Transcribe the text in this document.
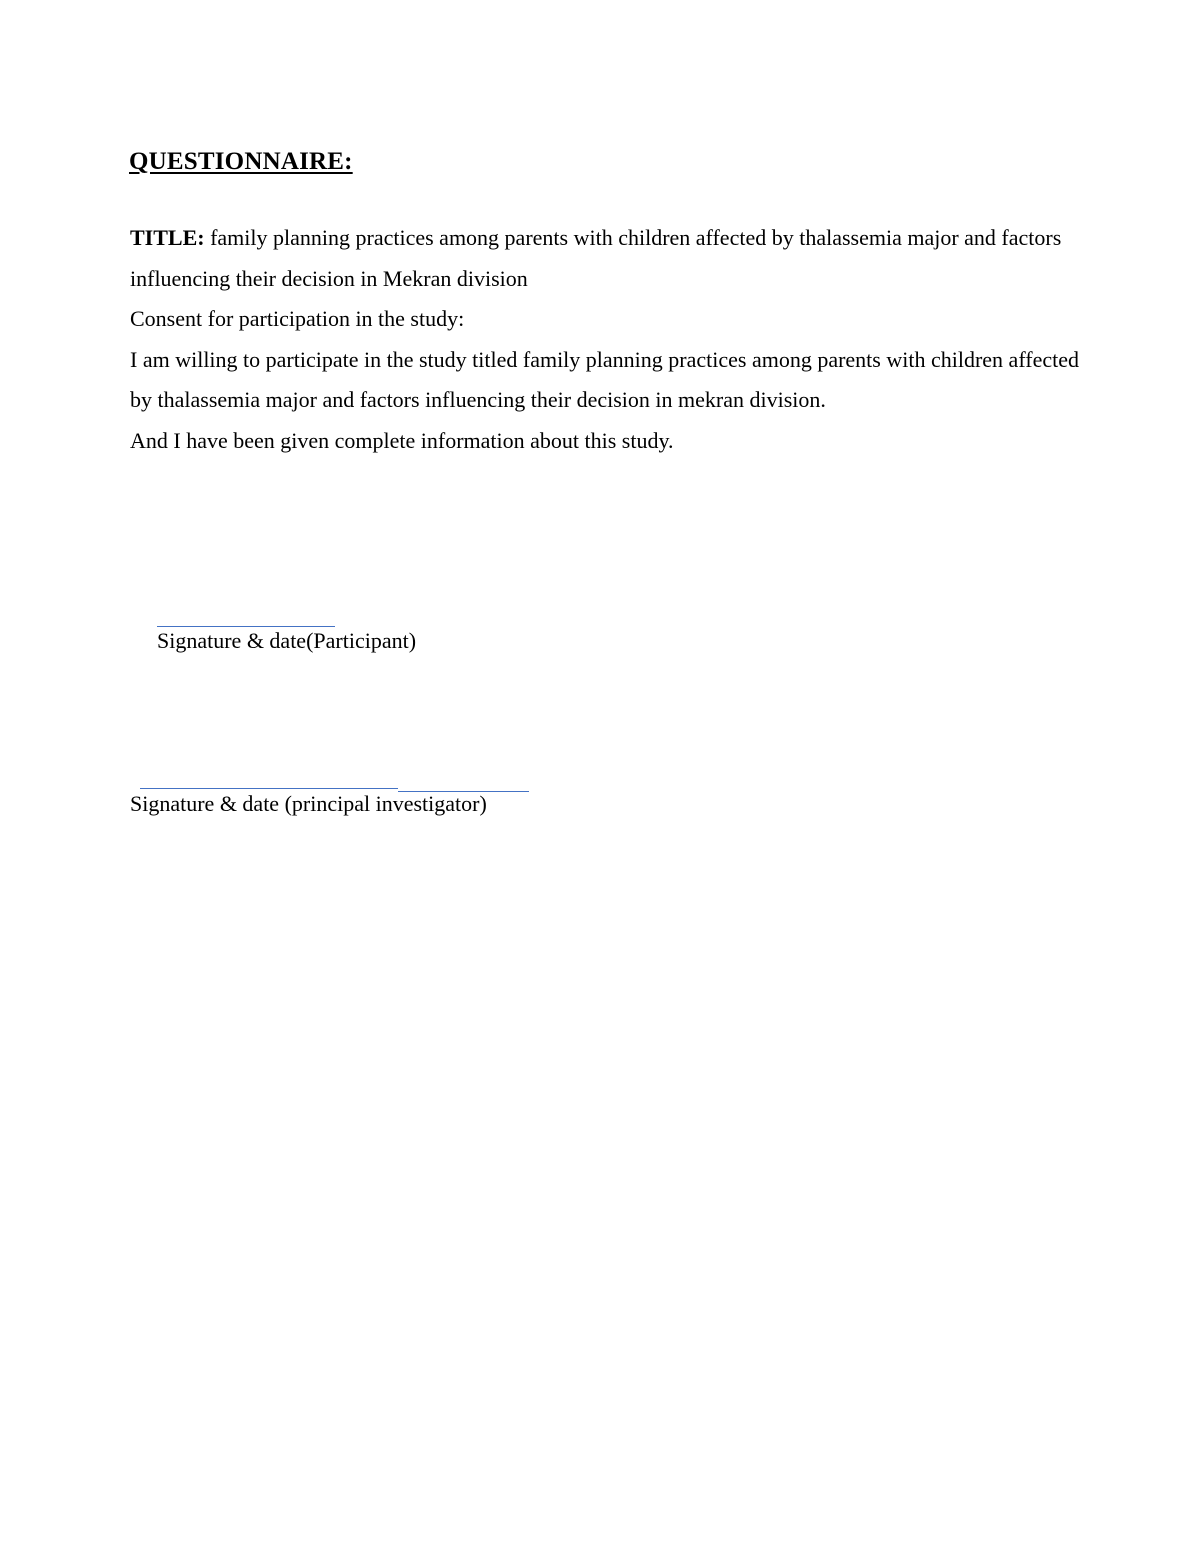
QUESTIONNAIRE:

TITLE: family planning practices among parents with children affected by thalassemia major and factors influencing their decision in Mekran division

Consent for participation in the study:

I am willing to participate in the study titled family planning practices among parents with children affected by thalassemia major and factors influencing their decision in mekran division.

And I have been given complete information about this study.

Signature & date(Participant)
Signature & date (principal investigator)
